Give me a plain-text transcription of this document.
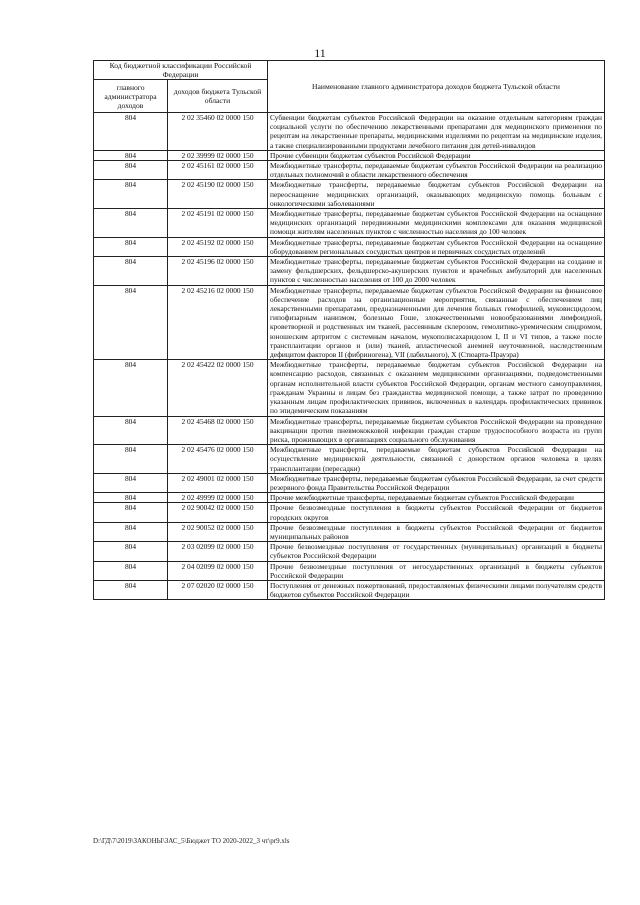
11
Код бюджетной классификации Российской Федерации		Наименование главного администратора доходов бюджета Тульской области
главного администратора доходов	доходов бюджета Тульской области	
804	2 02 35460 02 0000 150	Субвенции бюджетам субъектов Российской Федерации на оказание отдельным категориям граждан социальной услуги по обеспечению лекарственными препаратами для медицинского применения по рецептам на лекарственные препараты, медицинскими изделиями по рецептам на медицинские изделия, а также специализированными продуктами лечебного питания для детей-инвалидов
804	2 02 39999 02 0000 150	Прочие субвенции бюджетам субъектов Российской Федерации
804	2 02 45161 02 0000 150	Межбюджетные трансферты, передаваемые бюджетам субъектов Российской Федерации на реализацию отдельных полномочий в области лекарственного обеспечения
804	2 02 45190 02 0000 150	Межбюджетные трансферты, передаваемые бюджетам субъектов Российской Федерации на переоснащение медицинских организаций, оказывающих медицинскую помощь больным с онкологическими заболеваниями
804	2 02 45191 02 0000 150	Межбюджетные трансферты, передаваемые бюджетам субъектов Российской Федерации на оснащение медицинских организаций передвижными медицинскими комплексами для оказания медицинской помощи жителям населенных пунктов с численностью населения до 100 человек
804	2 02 45192 02 0000 150	Межбюджетные трансферты, передаваемые бюджетам субъектов Российской Федерации на оснащение оборудованием региональных сосудистых центров и первичных сосудистых отделений
804	2 02 45196 02 0000 150	Межбюджетные трансферты, передаваемые бюджетам субъектов Российской Федерации на создание и замену фельдшерских, фельдшерско-акушерских пунктов и врачебных амбулаторий для населенных пунктов с численностью населения от 100 до 2000 человек
804	2 02 45216 02 0000 150	Межбюджетные трансферты, передаваемые бюджетам субъектов Российской Федерации на финансовое обеспечение расходов на организационные мероприятия, связанные с обеспечением лиц лекарственными препаратами, предназначенными для лечения больных гемофилией, муковисцидозом, гипофизарным нанизмом, болезнью Гоше, злокачественными новообразованиями лимфоидной, кроветворной и родственных им тканей, рассеянным склерозом, гемолитико-уремическим синдромом, юношеским артритом с системным началом, мукополисахаридозом I, II и VI типов, а также после трансплантации органов и (или) тканей, апластической анемией неуточненной, наследственным дефицитом факторов II (фибриногена), VII (лабильного), X (Стюарта-Прауэра)
804	2 02 45422 02 0000 150	Межбюджетные трансферты, передаваемые бюджетам субъектов Российской Федерации на компенсацию расходов, связанных с оказанием медицинскими организациями, подведомственными органам исполнительной власти субъектов Российской Федерации, органам местного самоуправления, гражданам Украины и лицам без гражданства медицинской помощи, а также затрат по проведению указанным лицам профилактических прививок, включенных в календарь профилактических прививок по эпидемическим показаниям
804	2 02 45468 02 0000 150	Межбюджетные трансферты, передаваемые бюджетам субъектов Российской Федерации на проведение вакцинации против пневмококковой инфекции граждан старше трудоспособного возраста из групп риска, проживающих в организациях социального обслуживания
804	2 02 45476 02 0000 150	Межбюджетные трансферты, передаваемые бюджетам субъектов Российской Федерации на осуществление медицинской деятельности, связанной с донорством органов человека в целях трансплантации (пересадки)
804	2 02 49001 02 0000 150	Межбюджетные трансферты, передаваемые бюджетам субъектов Российской Федерации, за счет средств резервного фонда Правительства Российской Федерации
804	2 02 49999 02 0000 150	Прочие межбюджетные трансферты, передаваемые бюджетам субъектов Российской Федерации
804	2 02 90042 02 0000 150	Прочие безвозмездные поступления в бюджеты субъектов Российской Федерации от бюджетов городских округов
804	2 02 90052 02 0000 150	Прочие безвозмездные поступления в бюджеты субъектов Российской Федерации от бюджетов муниципальных районов
804	2 03 02099 02 0000 150	Прочие безвозмездные поступления от государственных (муниципальных) организаций в бюджеты субъектов Российской Федерации
804	2 04 02099 02 0000 150	Прочие безвозмездные поступления от негосударственных организаций в бюджеты субъектов Российской Федерации
804	2 07 02020 02 0000 150	Поступления от денежных пожертвований, предоставляемых физическими лицами получателям средств бюджетов субъектов Российской Федерации
D:\ГД\7\2019\ЗАКОНЫ\ЗАС_5\Бюджет ТО 2020-2022_3 чт\pr9.xls
